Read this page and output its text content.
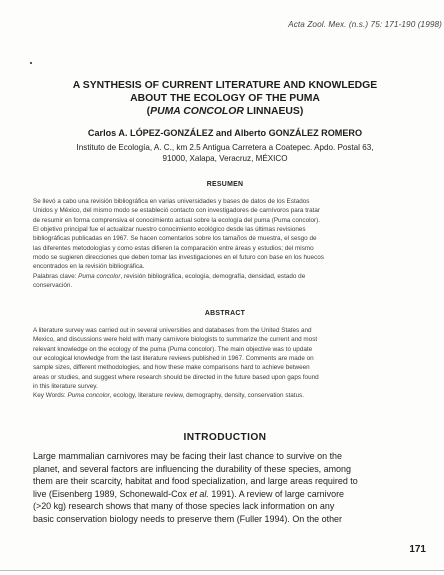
Acta Zool. Mex. (n.s.) 75: 171-190 (1998)
A SYNTHESIS OF CURRENT LITERATURE AND KNOWLEDGE
ABOUT THE ECOLOGY OF THE PUMA
(PUMA CONCOLOR LINNAEUS)
Carlos A. LÓPEZ-GONZÁLEZ and Alberto GONZÁLEZ ROMERO
Instituto de Ecología, A. C., km 2.5 Antigua Carretera a Coatepec. Apdo. Postal 63,
91000, Xalapa, Veracruz, MÉXICO
RESUMEN
Se llevó a cabo una revisión bibliográfica en varias universidades y bases de datos de los Estados
Unidos y México, del mismo modo se estableció contacto con investigadores de carnívoros para tratar
de resumir en forma comprensiva el conocimiento actual sobre la ecología del puma (Puma concolor).
El objetivo principal fue el actualizar nuestro conocimiento ecológico desde las últimas revisiones
bibliográficas publicadas en 1967. Se hacen comentarios sobre los tamaños de muestra, el sesgo de
las diferentes metodologías y como estas difieren la comparación entre áreas y estudios; del mismo
modo se sugieren direcciones que deben tomar las investigaciones en el futuro con base en los huecos
encontrados en la revisión bibliográfica.
Palabras clave: Puma concolor, revisión bibliográfica, ecología, demografía, densidad, estado de
conservación.
ABSTRACT
A literature survey was carried out in several universities and databases from the United States and
Mexico, and discussions were held with many carnivore biologists to summarize the current and most
relevant knowledge on the ecology of the puma (Puma concolor). The main objective was to update
our ecological knowledge from the last literature reviews published in 1967. Comments are made on
sample sizes, different methodologies, and how these make comparisons hard to achieve between
areas or studies, and suggest where research should be directed in the future based upon gaps found
in this literature survey.
Key Words: Puma concolor, ecology, literature review, demography, density, conservation status.
INTRODUCTION
Large mammalian carnivores may be facing their last chance to survive on the
planet, and several factors are influencing the durability of these species, among
them are their scarcity, habitat and food specialization, and large areas required to
live (Eisenberg 1989, Schonewald-Cox et al. 1991). A review of large carnivore
(>20 kg) research shows that many of those species lack information on any
basic conservation biology needs to preserve them (Fuller 1994). On the other
171
